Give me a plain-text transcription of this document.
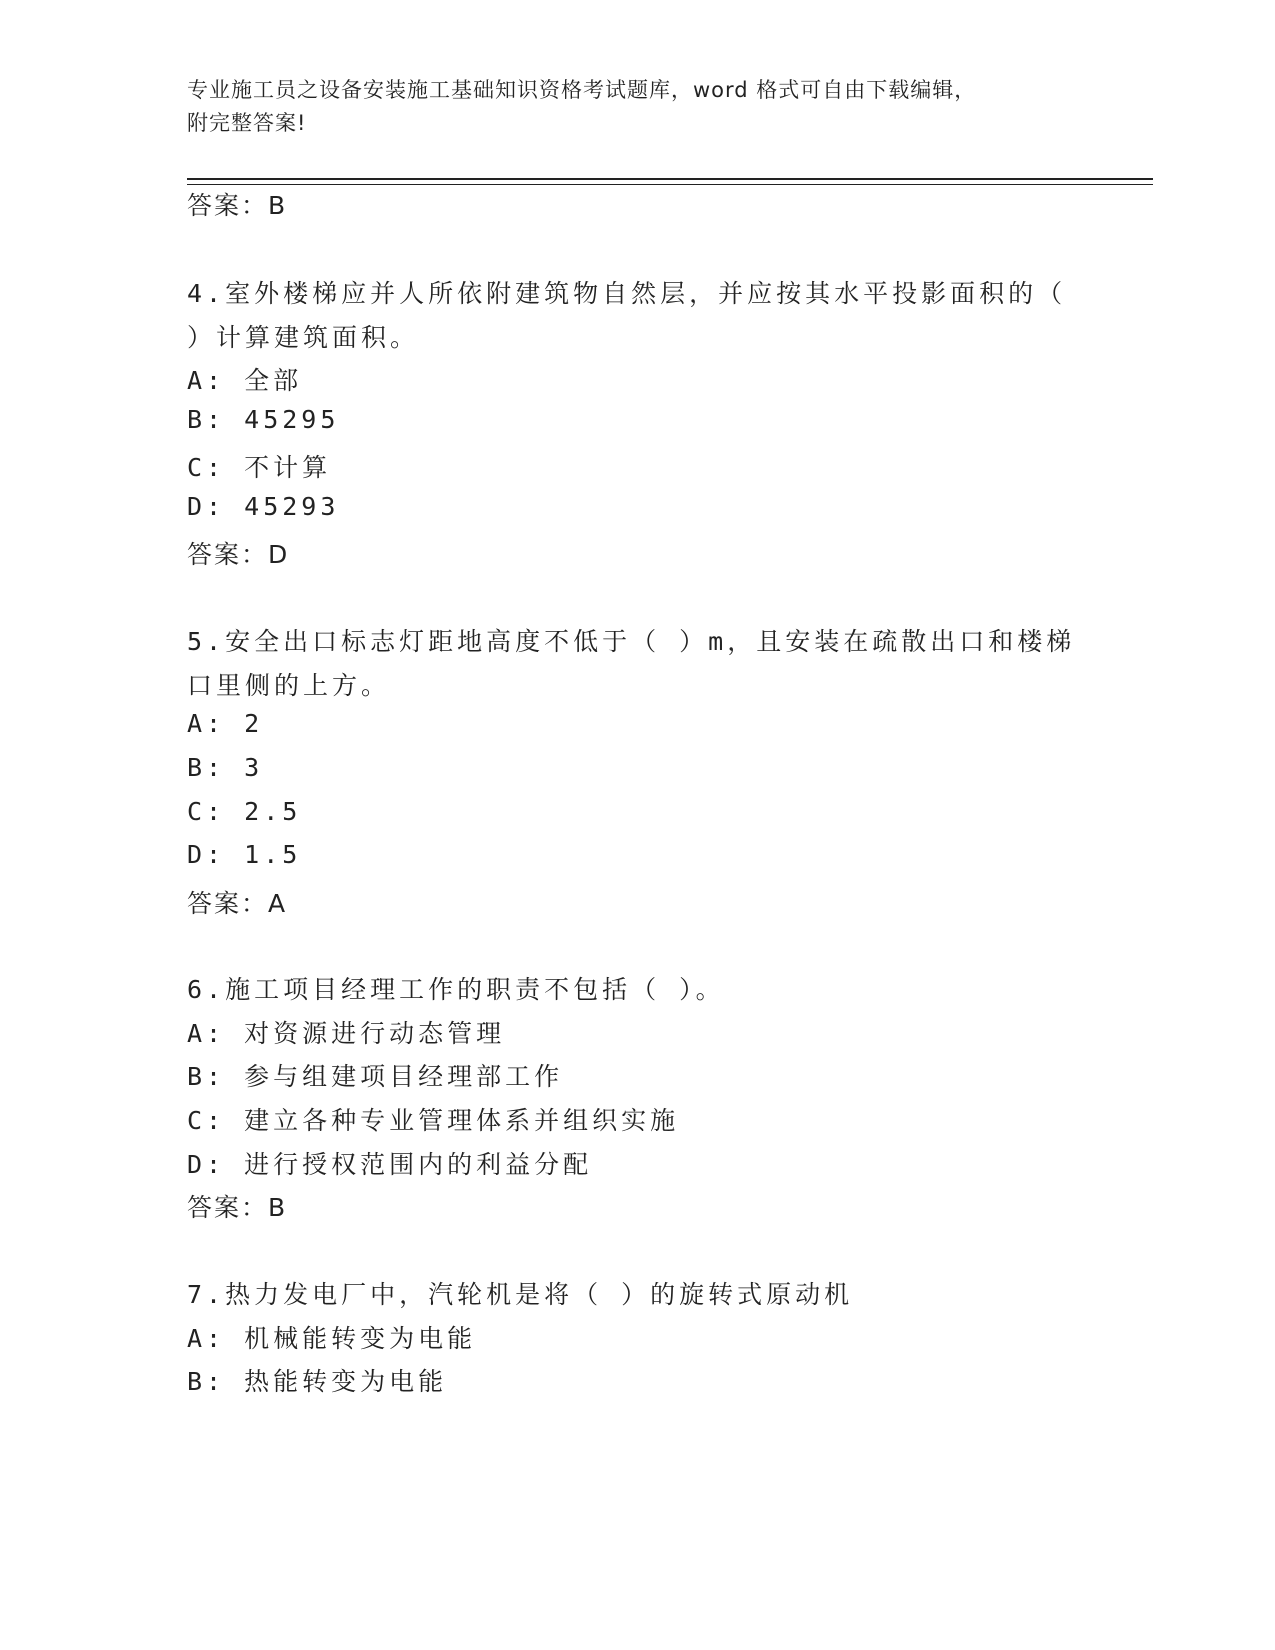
专业施工员之设备安装施工基础知识资格考试题库，word 格式可自由下载编辑，
附完整答案!
答案：B
4.室外楼梯应并人所依附建筑物自然层，并应按其水平投影面积的（
）计算建筑面积。
A: 全部
B: 45295
C: 不计算
D: 45293
答案：D
5.安全出口标志灯距地高度不低于（ ）m，且安装在疏散出口和楼梯
口里侧的上方。
A: 2
B: 3
C: 2.5
D: 1.5
答案：A
6.施工项目经理工作的职责不包括（ ）。
A: 对资源进行动态管理
B: 参与组建项目经理部工作
C: 建立各种专业管理体系并组织实施
D: 进行授权范围内的利益分配
答案：B
7.热力发电厂中，汽轮机是将（ ）的旋转式原动机
A: 机械能转变为电能
B: 热能转变为电能
